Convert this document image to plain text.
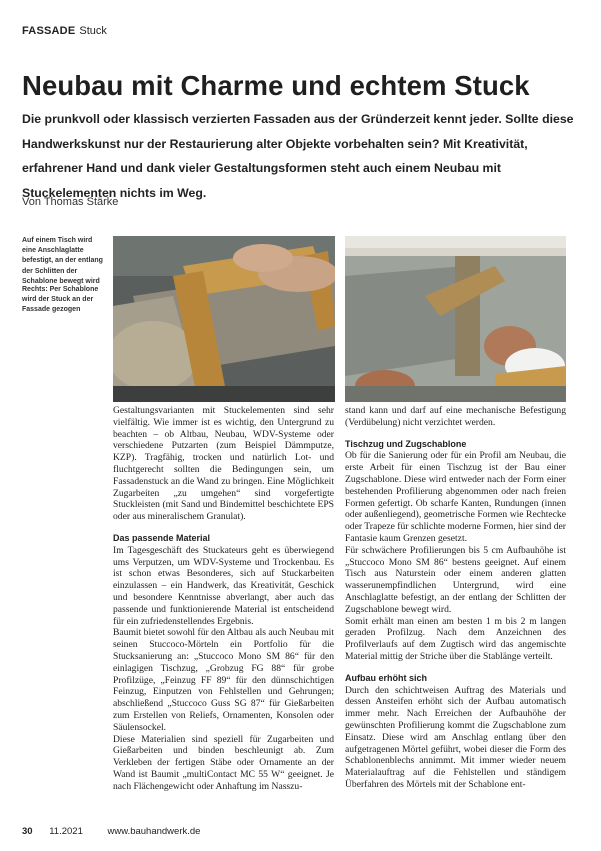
FASSADE Stuck
Neubau mit Charme und echtem Stuck

Die prunkvoll oder klassisch verzierten Fassaden aus der Gründerzeit kennt jeder. Sollte diese Handwerkskunst nur der Restaurierung alter Objekte vorbehalten sein? Mit Kreativität, erfahrener Hand und dank vieler Gestaltungsformen steht auch einem Neubau mit Stuckelementen nichts im Weg.

Von Thomas Stärke

Auf einem Tisch wird eine Anschlaglatte befestigt, an der entlang der Schlitten der Schablone bewegt wird

Rechts: Per Schablone wird der Stuck an der Fassade gezogen

Gestaltungsvarianten mit Stuckelementen sind sehr vielfältig. Wie immer ist es wichtig, den Untergrund zu beachten – ob Altbau, Neubau, WDV-Systeme oder verschiedene Putzarten (zum Beispiel Dämmputze, KZP). Tragfähig, trocken und natürlich Lot- und fluchtgerecht sollten die Bedingungen sein, um Fassadenstuck an die Wand zu bringen. Eine Möglichkeit Zugarbeiten „zu umgehen“ sind vorgefertigte Stuckleisten (mit Sand und Bindemittel beschichtete EPS oder aus mineralischem Granulat).

Das passende Material

Im Tagesgeschäft des Stuckateurs geht es überwiegend ums Verputzen, um WDV-Systeme und Trockenbau. Es ist schon etwas Besonderes, sich auf Stuckarbeiten einzulassen – ein Handwerk, das Kreativität, Geschick und besondere Kenntnisse abverlangt, aber auch das passende und funktionierende Material ist entscheidend für ein zufriedenstellendes Ergebnis.

Baumit bietet sowohl für den Altbau als auch Neubau mit seinen Stuccoco-Mörteln ein Portfolio für die Stucksanierung an: „Stuccoco Mono SM 86“ für den einlagigen Tischzug, „Grobzug FG 88“ für grobe Profilzüge, „Feinzug FF 89“ für den dünnschichtigen Feinzug, Einputzen von Fehlstellen und Gehrungen; abschließend „Stuccoco Guss SG 87“ für Gießarbeiten zum Erstellen von Reliefs, Ornamenten, Konsolen oder Säulensockel.

Diese Materialien sind speziell für Zugarbeiten und Gießarbeiten und binden beschleunigt ab. Zum Verkleben der fertigen Stäbe oder Ornamente an der Wand ist Baumit „multiContact MC 55 W“ geeignet. Je nach Flächengewicht oder Anhaftung im Nasszu-

stand kann und darf auf eine mechanische Befestigung (Verdübelung) nicht verzichtet werden.

Tischzug und Zugschablone

Ob für die Sanierung oder für ein Profil am Neubau, die erste Arbeit für einen Tischzug ist der Bau einer Zugschablone. Diese wird entweder nach der Form einer bestehenden Profilierung abgenommen oder nach freien Formen gefertigt. Ob scharfe Kanten, Rundungen (innen oder außenliegend), geometrische Formen wie Rechtecke oder Trapeze für schlichte moderne Formen, hier sind der Fantasie kaum Grenzen gesetzt.

Für schwächere Profilierungen bis 5 cm Aufbauhöhe ist „Stuccoco Mono SM 86“ bestens geeignet. Auf einem Tisch aus Naturstein oder einem anderen glatten wasserunempfindlichen Untergrund, wird eine Anschlaglatte befestigt, an der entlang der Schlitten der Zugschablone bewegt wird.

Somit erhält man einen am besten 1 m bis 2 m langen geraden Profilzug. Nach dem Anzeichnen des Profilverlaufs auf dem Zugtisch wird das angemischte Material mittig der Striche über die Stablänge verteilt.

Aufbau erhöht sich

Durch den schichtweisen Auftrag des Materials und dessen Ansteifen erhöht sich der Aufbau automatisch immer mehr. Nach Erreichen der Aufbauhöhe der gewünschten Profilierung kommt die Zugschablone zum Einsatz. Diese wird am Anschlag entlang über den aufgetragenen Mörtel geführt, wobei dieser die Form des Schablonenblechs annimmt. Mit immer wieder neuem Materialauftrag auf die Fehlstellen und ständigem Überfahren des Mörtels mit der Schablone ent-

30 11.2021	www.bauhandwerk.de
